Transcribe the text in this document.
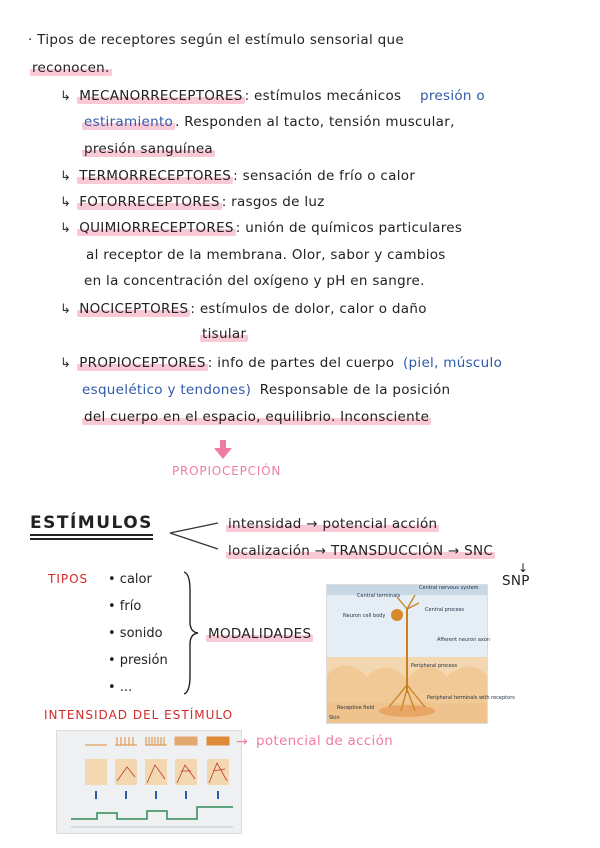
· Tipos de receptores según el estímulo sensorial que
reconocen.
↳ MECANORRECEPTORES : estímulos mecánicos presión o
estiramiento . Responden al tacto, tensión muscular,
presión sanguínea
↳ TERMORRECEPTORES : sensación de frío o calor
↳ FOTORRECEPTORES : rasgos de luz
↳ QUIMIORRECEPTORES : unión de químicos particulares
al receptor de la membrana. Olor, sabor y cambios
en la concentración del oxígeno y pH en sangre.
↳ NOCICEPTORES : estímulos de dolor, calor o daño
tisular
↳ PROPIOCEPTORES : info de partes del cuerpo (piel, músculo
esquelético y tendones) Responsable de la posición
del cuerpo en el espacio, equilibrio. Inconsciente
PROPIOCEPCIÓN
ESTÍMULOS	intensidad → potencial acción
localización → TRANSDUCCIÓN → SNC
↓
SNP
TIPOS • calor
• frío
• sonido
• presión
• ...
MODALIDADES
Central nervous system
Central terminals
Neuron cell body
Central process
Afferent neuron axon
Peripheral process
Peripheral terminals with receptors
Receptive field
Skin
INTENSIDAD DEL ESTÍMULO
→ potencial de acción
